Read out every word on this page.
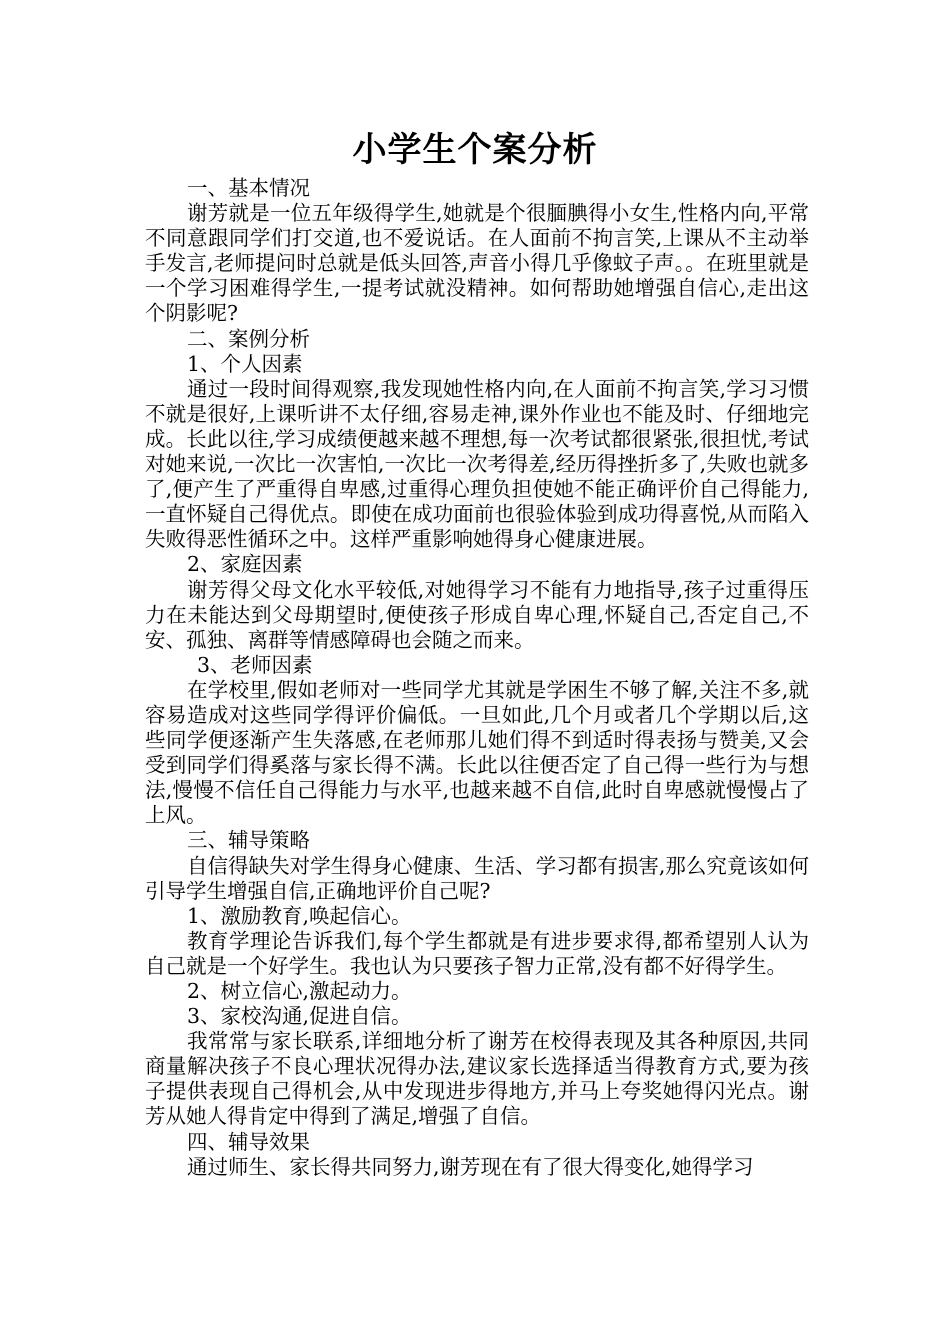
小学生个案分析

一、基本情况

谢芳就是一位五年级得学生,她就是个很腼腆得小女生,性格内向,平常不同意跟同学们打交道,也不爱说话。在人面前不拘言笑,上课从不主动举手发言,老师提问时总就是低头回答,声音小得几乎像蚊子声。。在班里就是一个学习困难得学生,一提考试就没精神。如何帮助她增强自信心,走出这个阴影呢?

二、案例分析

1、个人因素

通过一段时间得观察,我发现她性格内向,在人面前不拘言笑,学习习惯不就是很好,上课听讲不太仔细,容易走神,课外作业也不能及时、仔细地完成。长此以往,学习成绩便越来越不理想,每一次考试都很紧张,很担忧,考试对她来说,一次比一次害怕,一次比一次考得差,经历得挫折多了,失败也就多了,便产生了严重得自卑感,过重得心理负担使她不能正确评价自己得能力,一直怀疑自己得优点。即使在成功面前也很验体验到成功得喜悦,从而陷入失败得恶性循环之中。这样严重影响她得身心健康进展。

2、家庭因素

谢芳得父母文化水平较低,对她得学习不能有力地指导,孩子过重得压力在未能达到父母期望时,便使孩子形成自卑心理,怀疑自己,否定自己,不安、孤独、离群等情感障碍也会随之而来。

3、老师因素

在学校里,假如老师对一些同学尤其就是学困生不够了解,关注不多,就容易造成对这些同学得评价偏低。一旦如此,几个月或者几个学期以后,这些同学便逐渐产生失落感,在老师那儿她们得不到适时得表扬与赞美,又会受到同学们得奚落与家长得不满。长此以往便否定了自己得一些行为与想法,慢慢不信任自己得能力与水平,也越来越不自信,此时自卑感就慢慢占了上风。

三、辅导策略

自信得缺失对学生得身心健康、生活、学习都有损害,那么究竟该如何引导学生增强自信,正确地评价自己呢?

1、激励教育,唤起信心。

教育学理论告诉我们,每个学生都就是有进步要求得,都希望别人认为自己就是一个好学生。我也认为只要孩子智力正常,没有都不好得学生。

2、树立信心,激起动力。

3、家校沟通,促进自信。

我常常与家长联系,详细地分析了谢芳在校得表现及其各种原因,共同商量解决孩子不良心理状况得办法,建议家长选择适当得教育方式,要为孩子提供表现自己得机会,从中发现进步得地方,并马上夸奖她得闪光点。谢芳从她人得肯定中得到了满足,增强了自信。

四、辅导效果

通过师生、家长得共同努力,谢芳现在有了很大得变化,她得学习
